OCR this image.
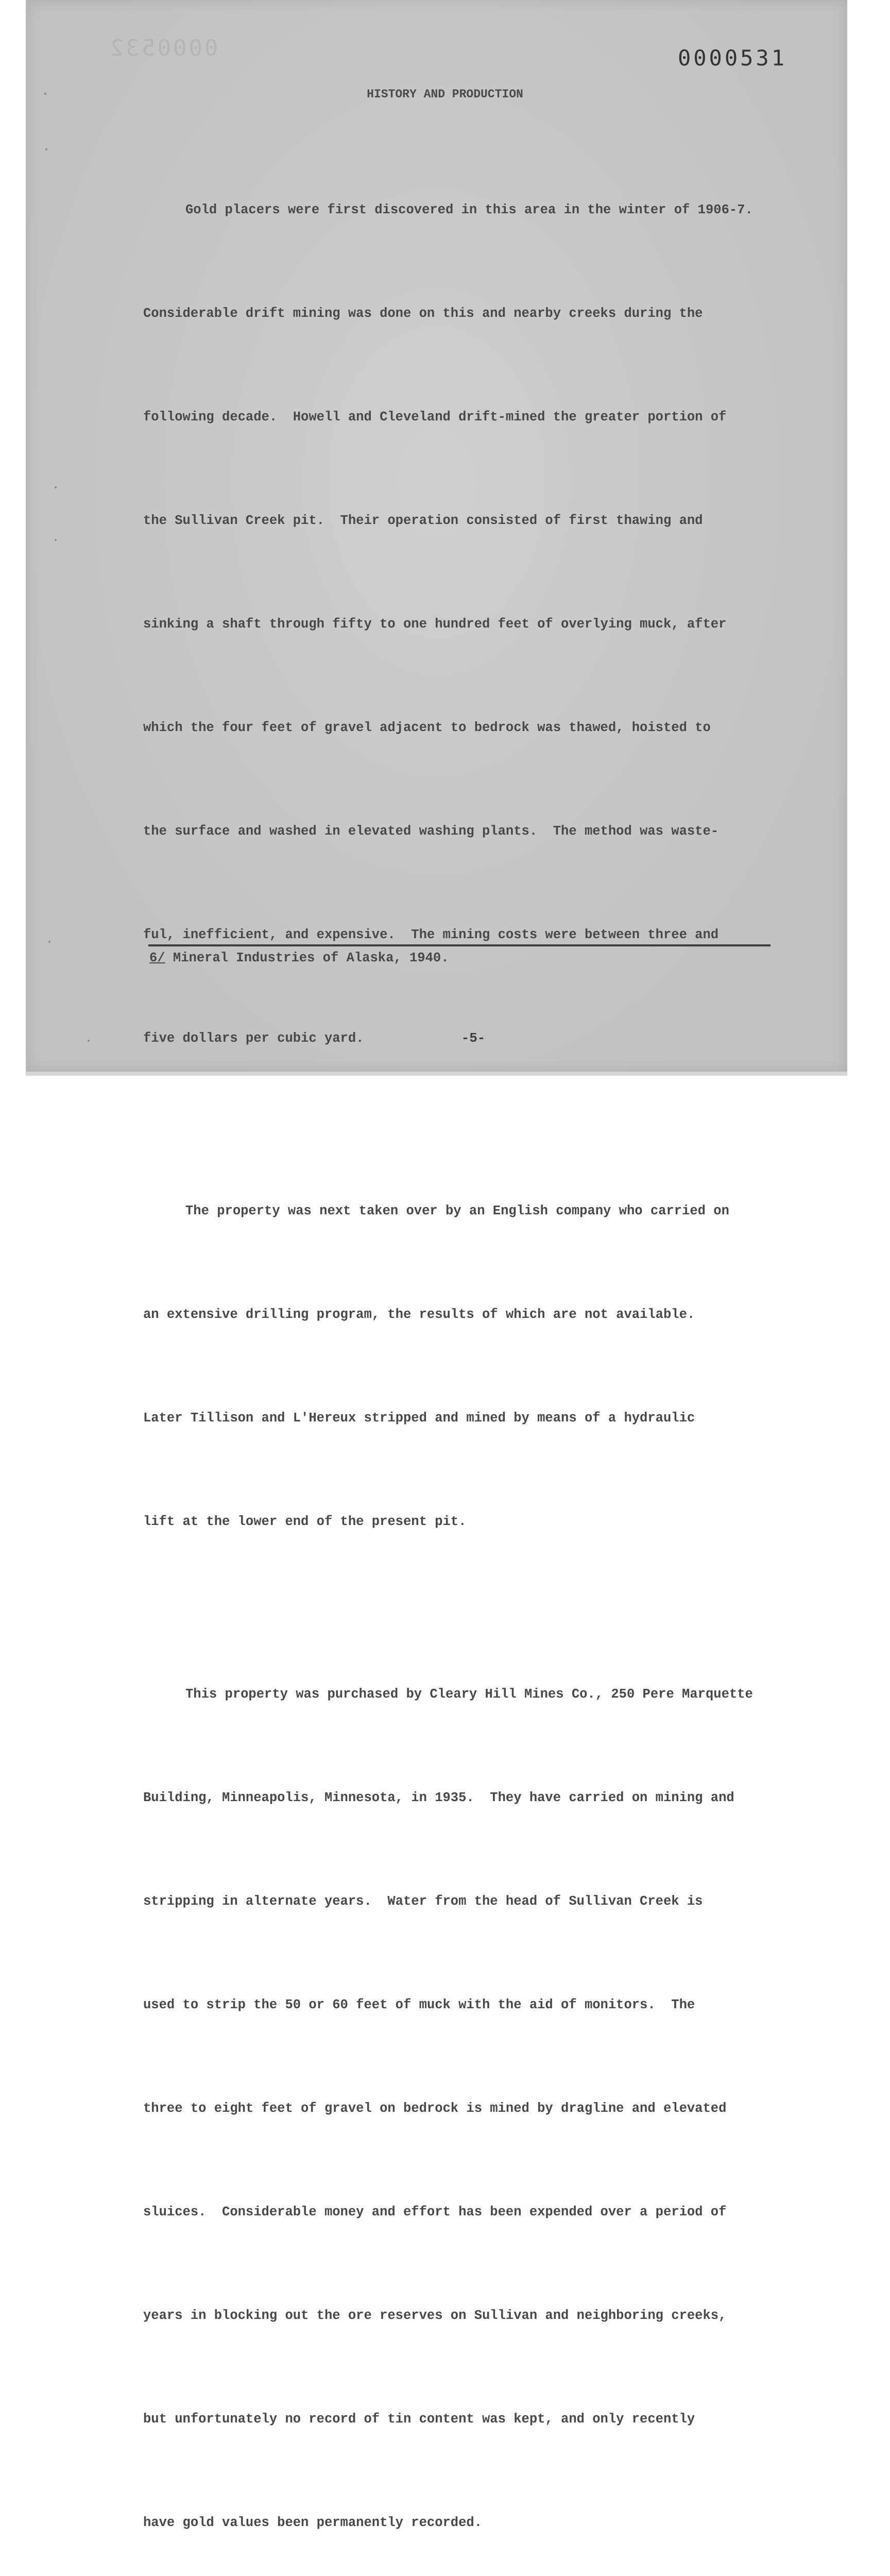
0000532	0000531
HISTORY AND PRODUCTION

Gold placers were first discovered in this area in the winter of 1906-7.

Considerable drift mining was done on this and nearby creeks during the

following decade.  Howell and Cleveland drift-mined the greater portion of

the Sullivan Creek pit.  Their operation consisted of first thawing and

sinking a shaft through fifty to one hundred feet of overlying muck, after

which the four feet of gravel adjacent to bedrock was thawed, hoisted to

the surface and washed in elevated washing plants.  The method was waste-

ful, inefficient, and expensive.  The mining costs were between three and

five dollars per cubic yard.

The property was next taken over by an English company who carried on

an extensive drilling program, the results of which are not available.

Later Tillison and L'Hereux stripped and mined by means of a hydraulic

lift at the lower end of the present pit.

This property was purchased by Cleary Hill Mines Co., 250 Pere Marquette

Building, Minneapolis, Minnesota, in 1935.  They have carried on mining and

stripping in alternate years.  Water from the head of Sullivan Creek is

used to strip the 50 or 60 feet of muck with the aid of monitors.  The

three to eight feet of gravel on bedrock is mined by dragline and elevated

sluices.  Considerable money and effort has been expended over a period of

years in blocking out the ore reserves on Sullivan and neighboring creeks,

but unfortunately no record of tin content was kept, and only recently

have gold values been permanently recorded.

6/ Mineral Industries of Alaska, 1940.
-5-
